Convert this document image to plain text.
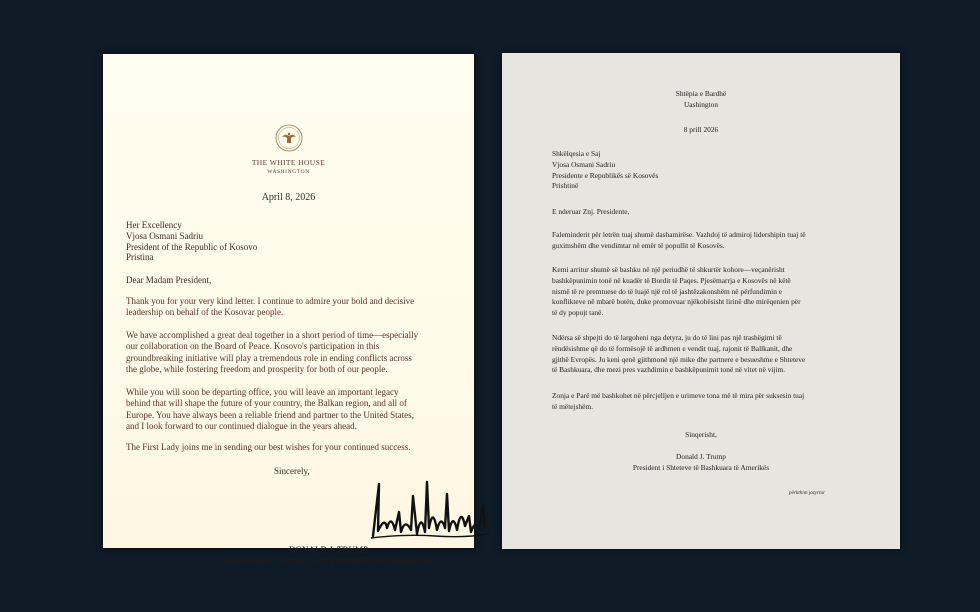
THE WHITE HOUSE
WASHINGTON
April 8, 2026
Her Excellency
Vjosa Osmani Sadriu
President of the Republic of Kosovo
Pristina
Dear Madam President,
Thank you for your very kind letter. I continue to admire your bold and decisive
leadership on behalf of the Kosovar people.
We have accomplished a great deal together in a short period of time—especially
our collaboration on the Board of Peace. Kosovo's participation in this
groundbreaking initiative will play a tremendous role in ending conflicts across
the globe, while fostering freedom and prosperity for both of our people.
While you will soon be departing office, you will leave an important legacy
behind that will shape the future of your country, the Balkan region, and all of
Europe. You have always been a reliable friend and partner to the United States,
and I look forward to our continued dialogue in the years ahead.
The First Lady joins me in sending our best wishes for your continued success.
Sincerely,
DONALD J. TRUMP
PRESIDENT OF THE UNITED STATES OF AMERICA
Shtëpia e Bardhë
Uashington
8 prill 2026
Shkëlqesia e Saj
Vjosa Osmani Sadriu
Presidente e Republikës së Kosovës
Prishtinë
E nderuar Znj. Presidente,
Faleminderit për letrën tuaj shumë dashamirëse. Vazhdoj të admiroj lidershipin tuaj të
guximshëm dhe vendimtar në emër të popullit të Kosovës.
Kemi arritur shumë së bashku në një periudhë të shkurtër kohore—veçanërisht
bashkëpunimin tonë në kuadër të Bordit të Paqes. Pjesëmarrja e Kosovës në këtë
nismë të re premtuese do të luajë një rol të jashtëzakonshëm në përfundimin e
konflikteve në mbarë botën, duke promovuar njëkohësisht lirinë dhe mirëqenien për
të dy popujt tanë.
Ndërsa së shpejti do të largoheni nga detyra, ju do të lini pas një trashëgimi të
rëndësishme që do të formësojë të ardhmen e vendit tuaj, rajonit të Ballkanit, dhe
gjithë Evropës. Ju keni qenë gjithmonë një mike dhe partnere e besueshme e Shteteve
të Bashkuara, dhe mezi pres vazhdimin e bashkëpunimit tonë në vitet në vijim.
Zonja e Parë më bashkohet në përcjelljen e urimeve tona më të mira për suksesin tuaj
të mëtejshëm.
Sinqerisht,
Donald J. Trump
President i Shteteve të Bashkuara të Amerikës
përkthim jozyrtar
